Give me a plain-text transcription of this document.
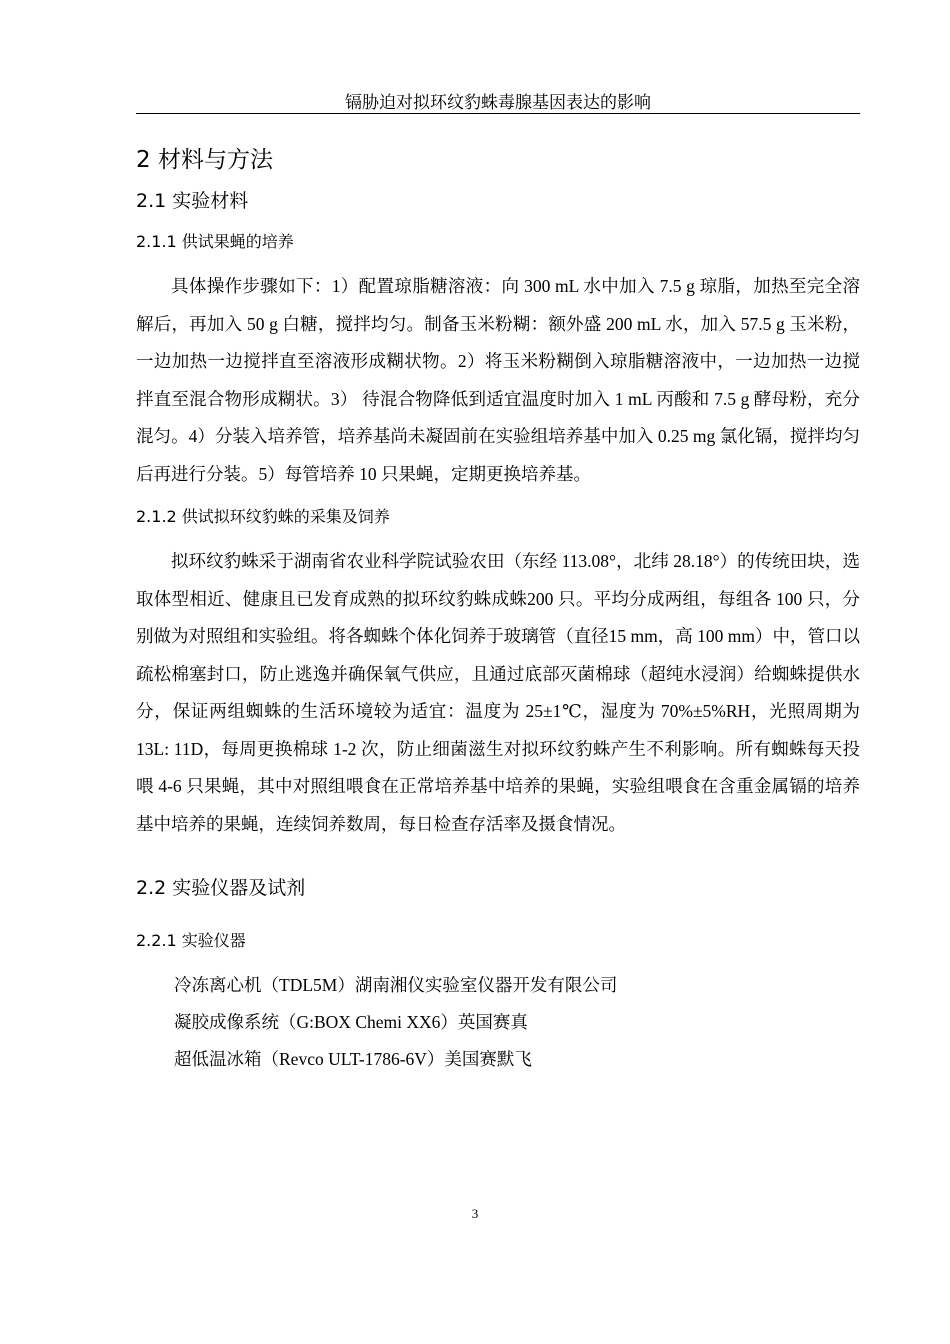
镉胁迫对拟环纹豹蛛毒腺基因表达的影响
2 材料与方法
2.1 实验材料
2.1.1 供试果蝇的培养

具体操作步骤如下：1）配置琼脂糖溶液：向 300 mL 水中加入 7.5 g 琼脂，加热至完全溶解后，再加入 50 g 白糖，搅拌均匀。制备玉米粉糊：额外盛 200 mL 水，加入 57.5 g 玉米粉，一边加热一边搅拌直至溶液形成糊状物。2）将玉米粉糊倒入琼脂糖溶液中，一边加热一边搅拌直至混合物形成糊状。3） 待混合物降低到适宜温度时加入 1 mL 丙酸和 7.5 g 酵母粉，充分混匀。4）分装入培养管，培养基尚未凝固前在实验组培养基中加入 0.25 mg 氯化镉，搅拌均匀后再进行分装。5）每管培养 10 只果蝇，定期更换培养基。

2.1.2 供试拟环纹豹蛛的采集及饲养

拟环纹豹蛛采于湖南省农业科学院试验农田（东经 113.08°，北纬 28.18°）的传统田块，选取体型相近、健康且已发育成熟的拟环纹豹蛛成蛛200 只。平均分成两组，每组各 100 只，分别做为对照组和实验组。将各蜘蛛个体化饲养于玻璃管（直径15 mm，高 100 mm）中，管口以疏松棉塞封口，防止逃逸并确保氧气供应，且通过底部灭菌棉球（超纯水浸润）给蜘蛛提供水分，保证两组蜘蛛的生活环境较为适宜：温度为 25±1℃，湿度为 70%±5%RH，光照周期为 13L: 11D，每周更换棉球 1-2 次，防止细菌滋生对拟环纹豹蛛产生不利影响。所有蜘蛛每天投喂 4-6 只果蝇，其中对照组喂食在正常培养基中培养的果蝇，实验组喂食在含重金属镉的培养基中培养的果蝇，连续饲养数周，每日检查存活率及摄食情况。

2.2 实验仪器及试剂
2.2.1 实验仪器
冷冻离心机（TDL5M）湖南湘仪实验室仪器开发有限公司
凝胶成像系统（G:BOX Chemi XX6）英国赛真
超低温冰箱（Revco ULT-1786-6V）美国赛默飞
3
